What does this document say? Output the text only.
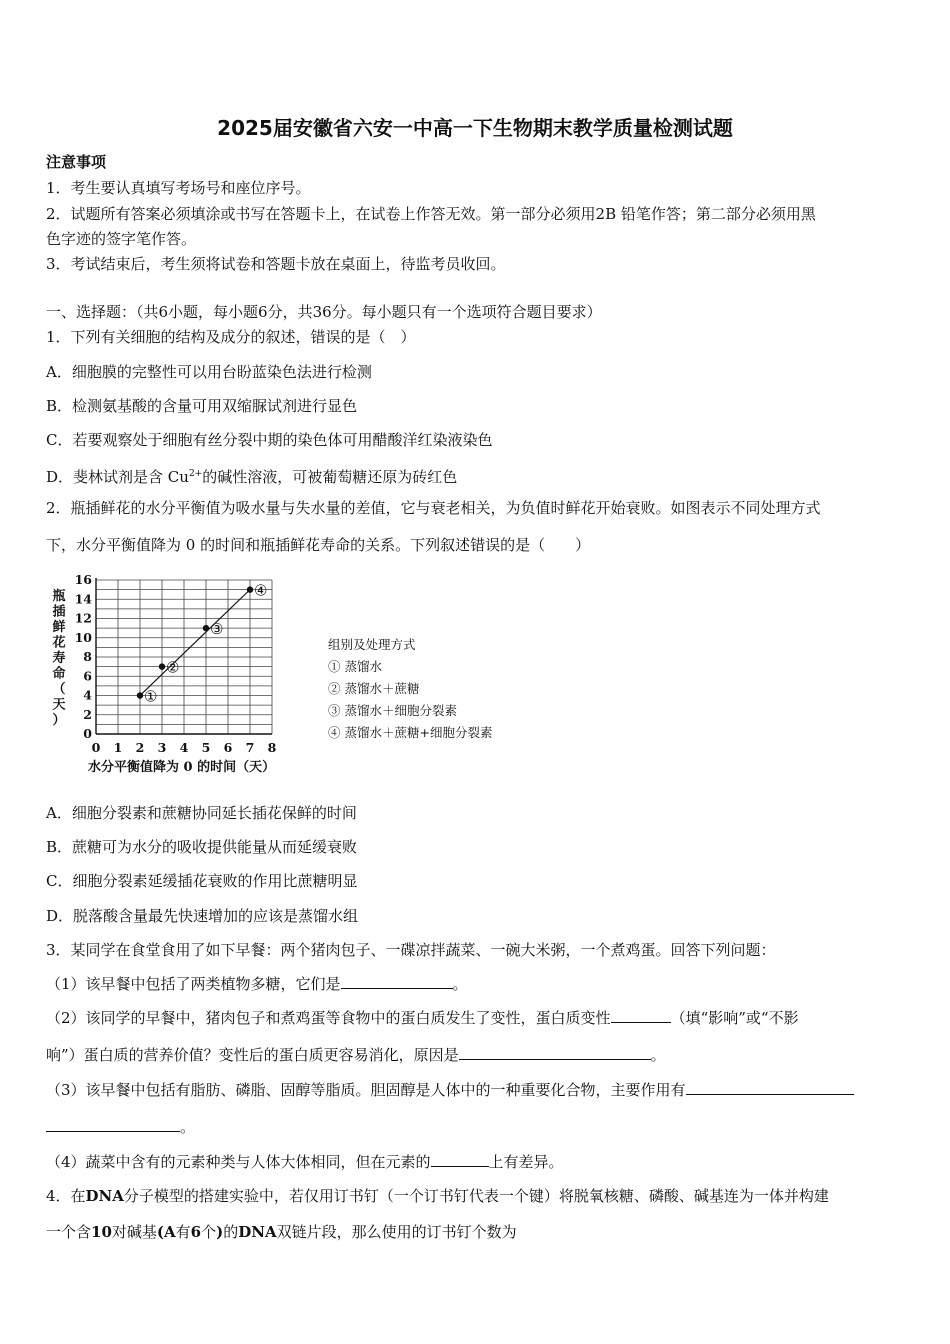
2025届安徽省六安一中高一下生物期末教学质量检测试题
注意事项
1．考生要认真填写考场号和座位序号。
2．试题所有答案必须填涂或书写在答题卡上，在试卷上作答无效。第一部分必须用2B 铅笔作答；第二部分必须用黑
色字迹的签字笔作答。
3．考试结束后，考生须将试卷和答题卡放在桌面上，待监考员收回。
一、选择题：（共6小题，每小题6分，共36分。每小题只有一个选项符合题目要求）
1．下列有关细胞的结构及成分的叙述，错误的是（　）
A．细胞膜的完整性可以用台盼蓝染色法进行检测
B．检测氨基酸的含量可用双缩脲试剂进行显色
C．若要观察处于细胞有丝分裂中期的染色体可用醋酸洋红染液染色
D．斐林试剂是含 $Cu^{2+}$的碱性溶液，可被葡萄糖还原为砖红色
2．瓶插鲜花的水分平衡值为吸水量与失水量的差值，它与衰老相关，为负值时鲜花开始衰败。如图表示不同处理方式
下，水分平衡值降为 0 的时间和瓶插鲜花寿命的关系。下列叙述错误的是（　　）
0 1 2 3 4 5 6 7 8
0
2
4
6
8
10
12
14
16
①
②
③
④
瓶插鲜花寿命（天）
水分平衡值降为 0 的时间（天）
组别及处理方式
① 蒸馏水
② 蒸馏水＋蔗糖
③ 蒸馏水＋细胞分裂素
④ 蒸馏水＋蔗糖+细胞分裂素
A．细胞分裂素和蔗糖协同延长插花保鲜的时间
B．蔗糖可为水分的吸收提供能量从而延缓衰败
C．细胞分裂素延缓插花衰败的作用比蔗糖明显
D．脱落酸含量最先快速增加的应该是蒸馏水组
3．某同学在食堂食用了如下早餐：两个猪肉包子、一碟凉拌蔬菜、一碗大米粥，一个煮鸡蛋。回答下列问题：
（1）该早餐中包括了两类植物多糖，它们是	。
（2）该同学的早餐中，猪肉包子和煮鸡蛋等食物中的蛋白质发生了变性，蛋白质变性	（填“影响”或“不影
响”）蛋白质的营养价值？变性后的蛋白质更容易消化，原因是	。
（3）该早餐中包括有脂肪、磷脂、固醇等脂质。胆固醇是人体中的一种重要化合物，主要作用有
。
（4）蔬菜中含有的元素种类与人体大体相同，但在元素的	上有差异。
4．在DNA分子模型的搭建实验中，若仅用订书钉（一个订书钉代表一个键）将脱氧核糖、磷酸、碱基连为一体并构建
一个含10对碱基(A有6个)的DNA双链片段，那么使用的订书钉个数为
